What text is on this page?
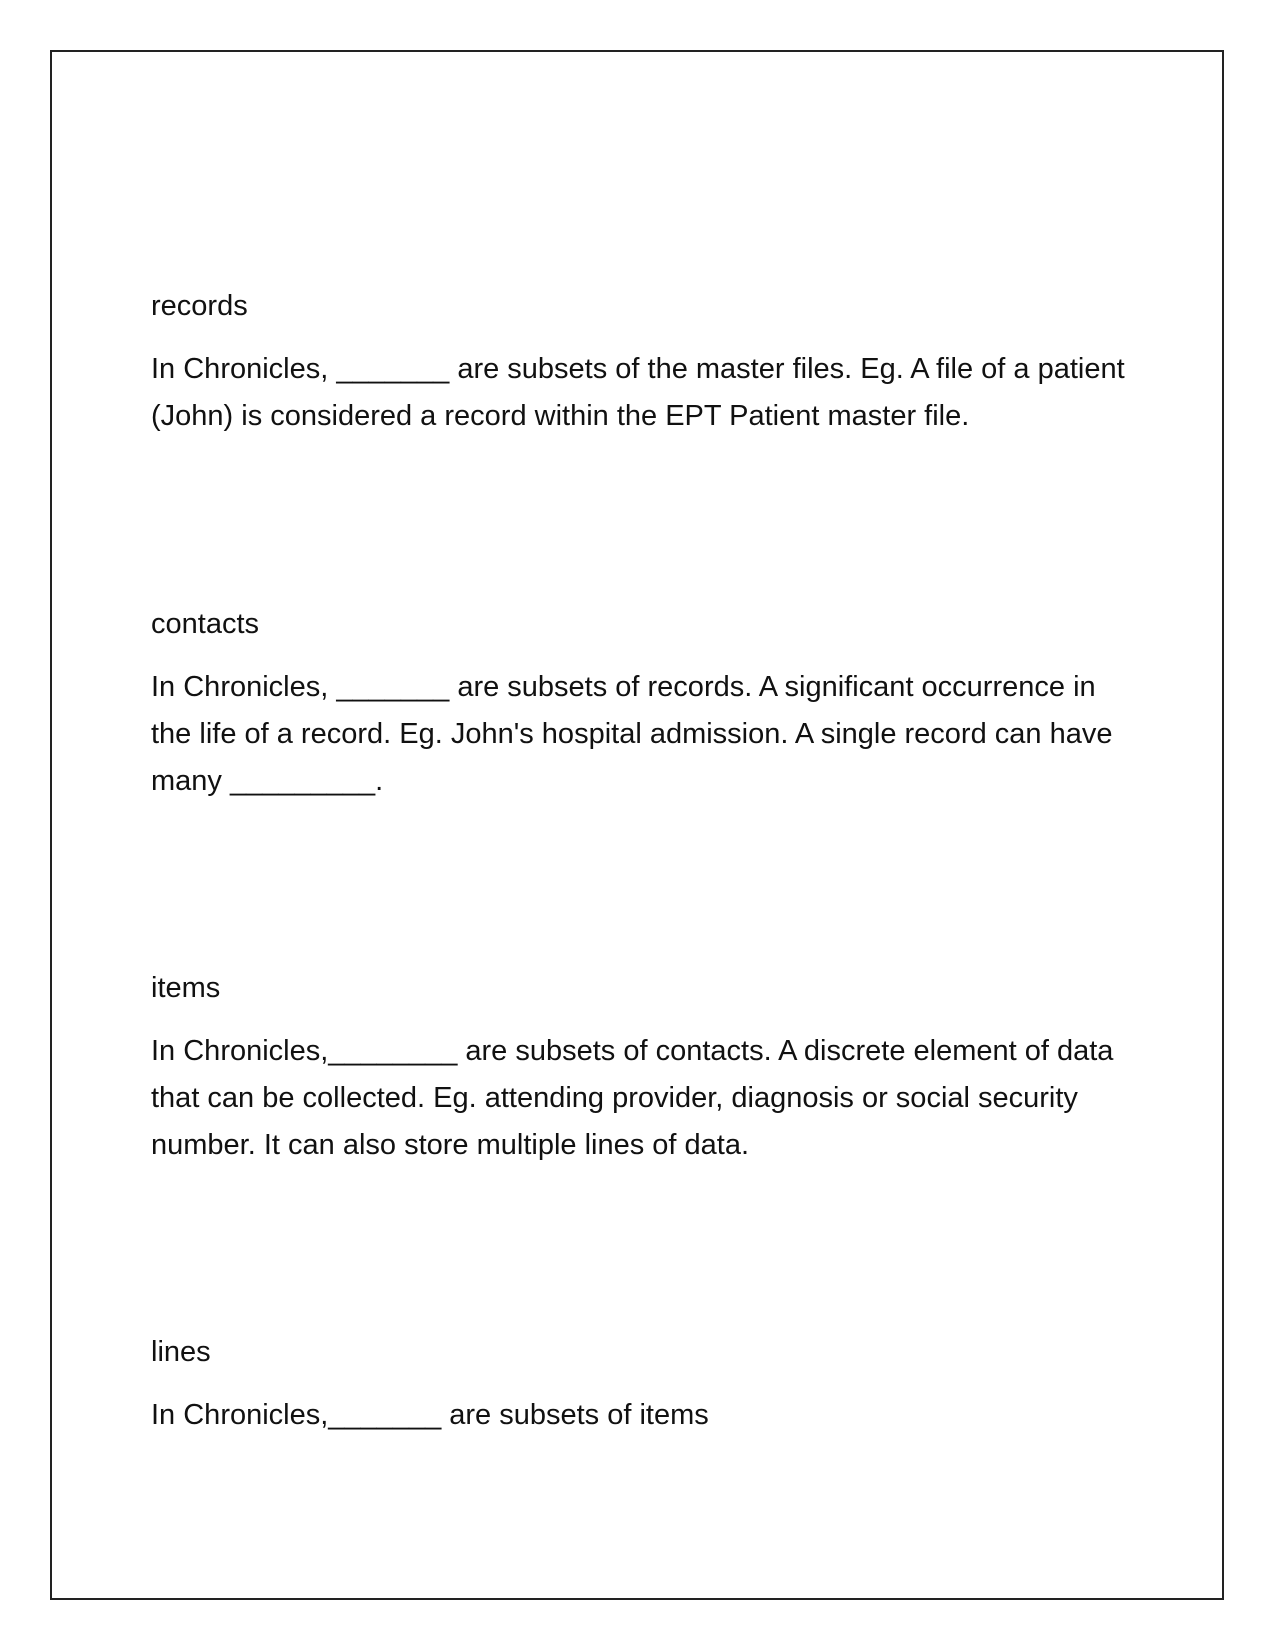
records

In Chronicles, _______ are subsets of the master files. Eg. A file of a patient (John) is considered a record within the EPT Patient master file.

contacts

In Chronicles, _______ are subsets of records. A significant occurrence in the life of a record. Eg. John's hospital admission. A single record can have many _________.

items

In Chronicles,________ are subsets of contacts. A discrete element of data that can be collected. Eg. attending provider, diagnosis or social security number. It can also store multiple lines of data.

lines

In Chronicles,_______ are subsets of items
